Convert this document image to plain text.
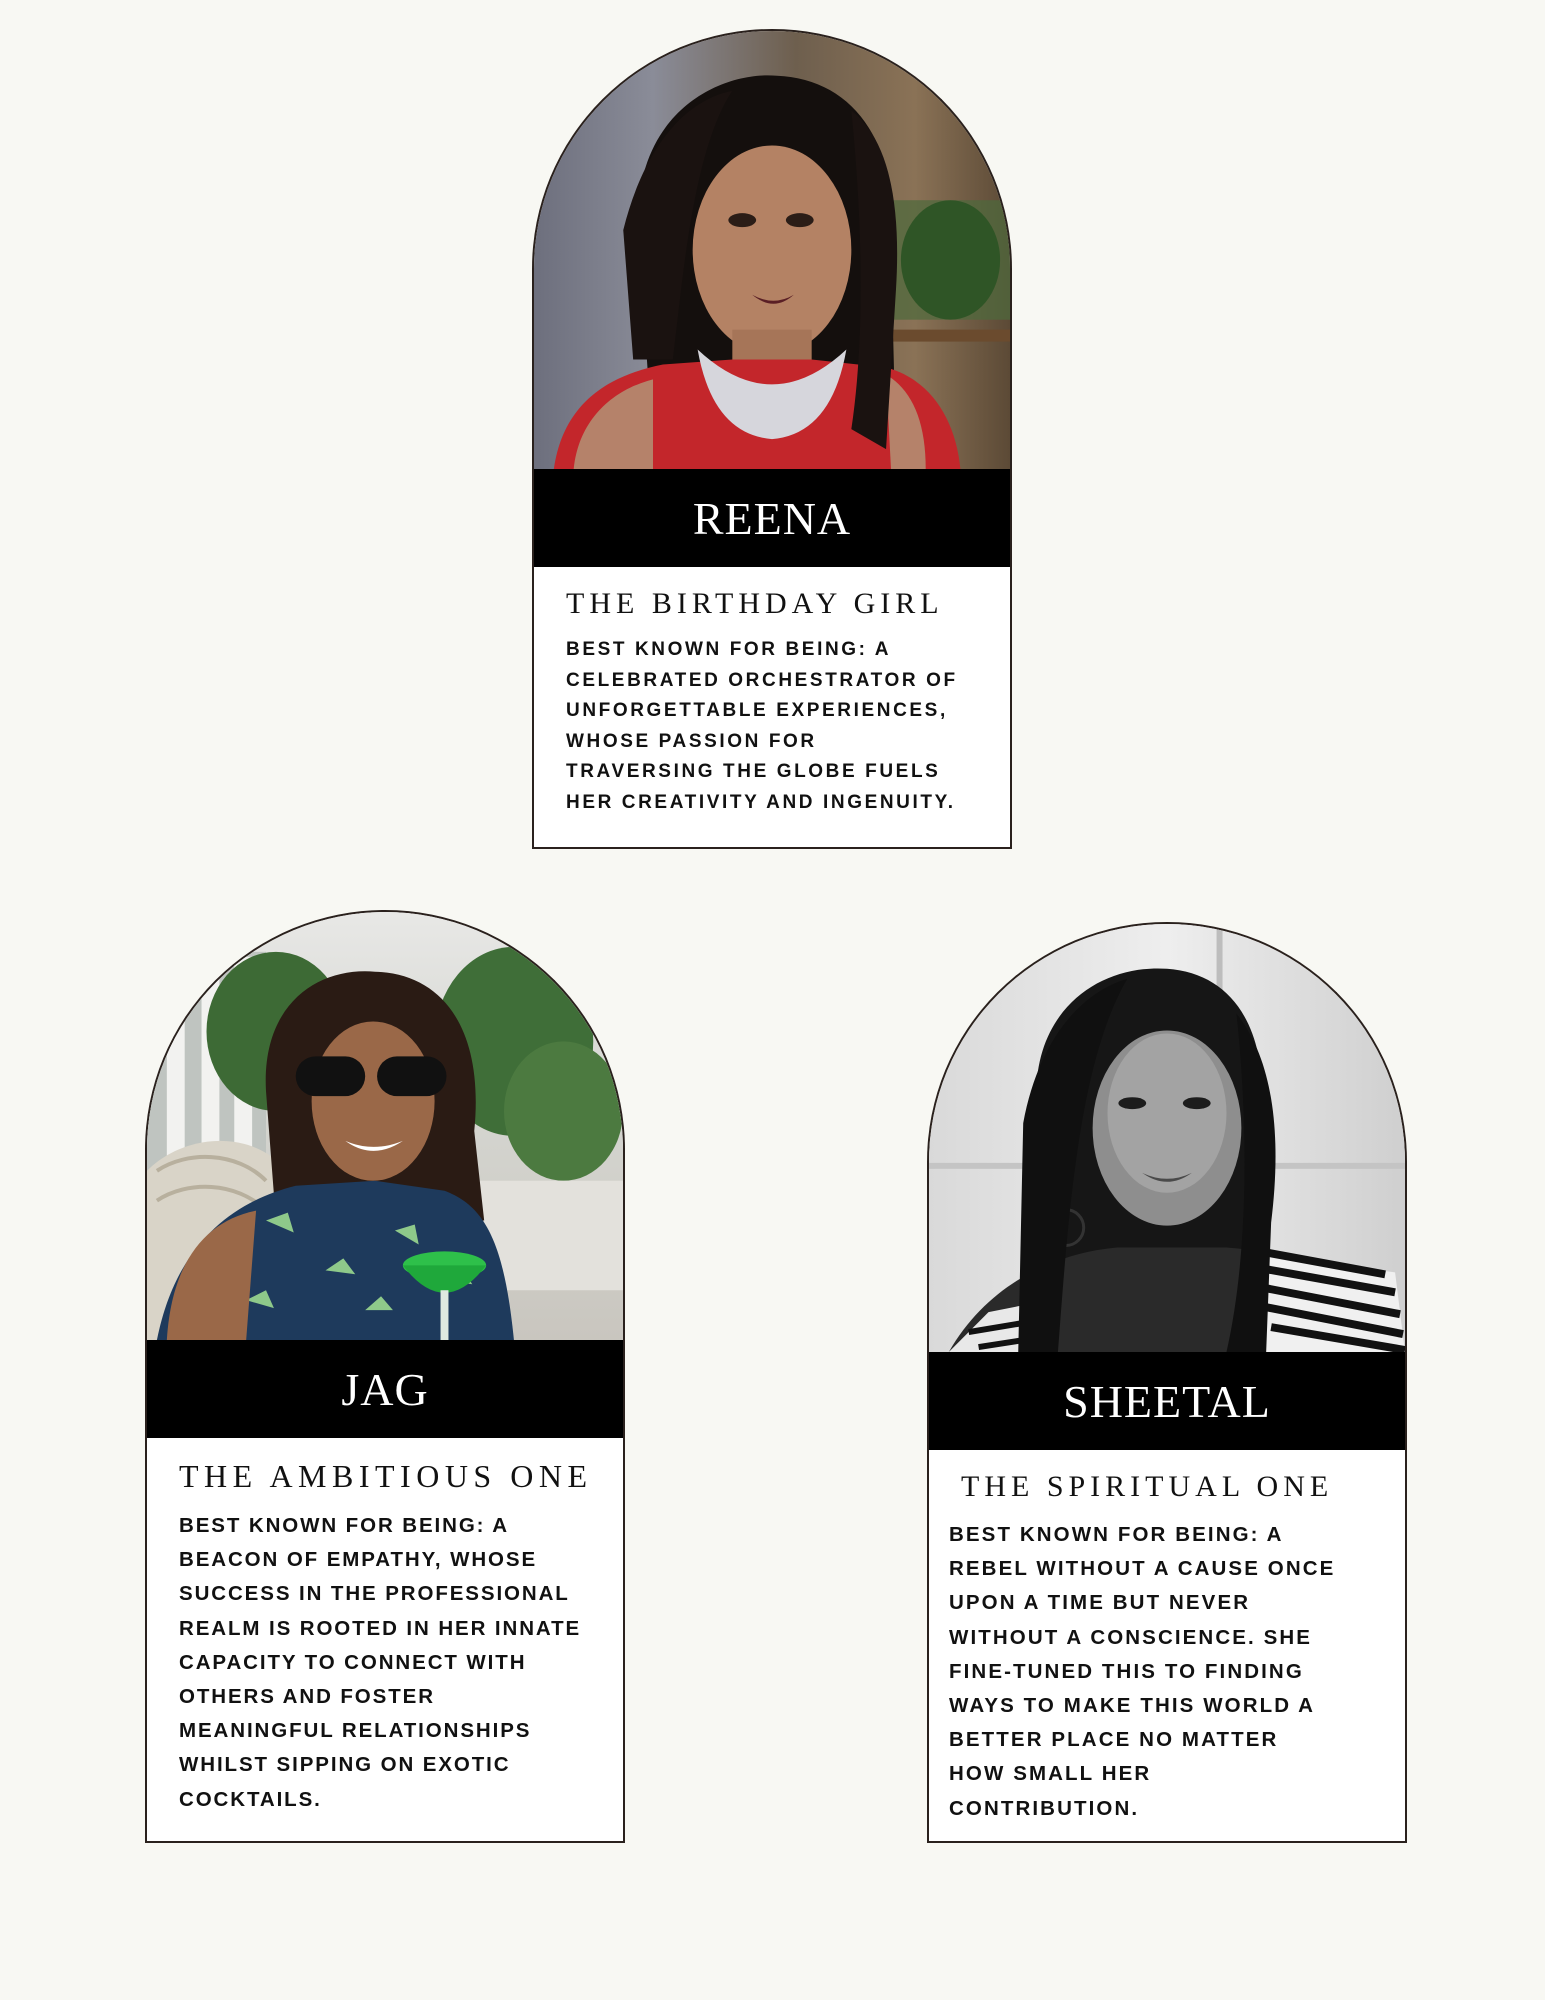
REENA

THE BIRTHDAY GIRL

BEST KNOWN FOR BEING: A

CELEBRATED ORCHESTRATOR OF

UNFORGETTABLE EXPERIENCES,

WHOSE PASSION FOR

TRAVERSING THE GLOBE FUELS

HER CREATIVITY AND INGENUITY.

JAG

THE AMBITIOUS ONE

BEST KNOWN FOR BEING: A

BEACON OF EMPATHY, WHOSE

SUCCESS IN THE PROFESSIONAL

REALM IS ROOTED IN HER INNATE

CAPACITY TO CONNECT WITH

OTHERS AND FOSTER

MEANINGFUL RELATIONSHIPS

WHILST SIPPING ON EXOTIC

COCKTAILS.

SHEETAL

THE SPIRITUAL ONE

BEST KNOWN FOR BEING: A

REBEL WITHOUT A CAUSE ONCE

UPON A TIME BUT NEVER

WITHOUT A CONSCIENCE. SHE

FINE-TUNED THIS TO FINDING

WAYS TO MAKE THIS WORLD A

BETTER PLACE NO MATTER

HOW SMALL HER

CONTRIBUTION.
